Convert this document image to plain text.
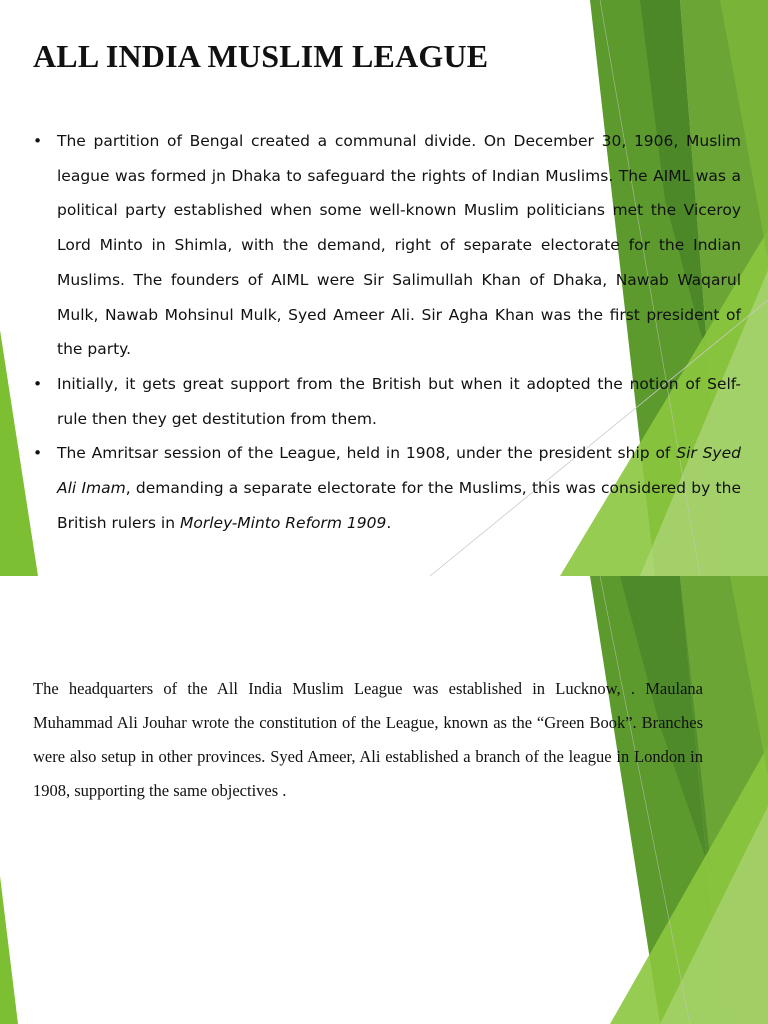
ALL INDIA MUSLIM LEAGUE
• The partition of Bengal created a communal divide. On December 30, 1906, Muslim league was formed jn Dhaka to safeguard the rights of Indian Muslims. The AIML was a political party established when some well-known Muslim politicians met the Viceroy Lord Minto in Shimla, with the demand, right of separate electorate for the Indian Muslims. The founders of AIML were Sir Salimullah Khan of Dhaka, Nawab Waqarul Mulk, Nawab Mohsinul Mulk, Syed Ameer Ali. Sir Agha Khan was the first president of the party.
• Initially, it gets great support from the British but when it adopted the notion of Self-rule then they get destitution from them.
• The Amritsar session of the League, held in 1908, under the president ship of Sir Syed Ali Imam, demanding a separate electorate for the Muslims, this was considered by the British rulers in Morley-Minto Reform 1909.

The headquarters of the All India Muslim League was established in Lucknow, . Maulana Muhammad Ali Jouhar wrote the constitution of the League, known as the “Green Book”. Branches were also setup in other provinces. Syed Ameer, Ali established a branch of the league in London in 1908, supporting the same objectives .
